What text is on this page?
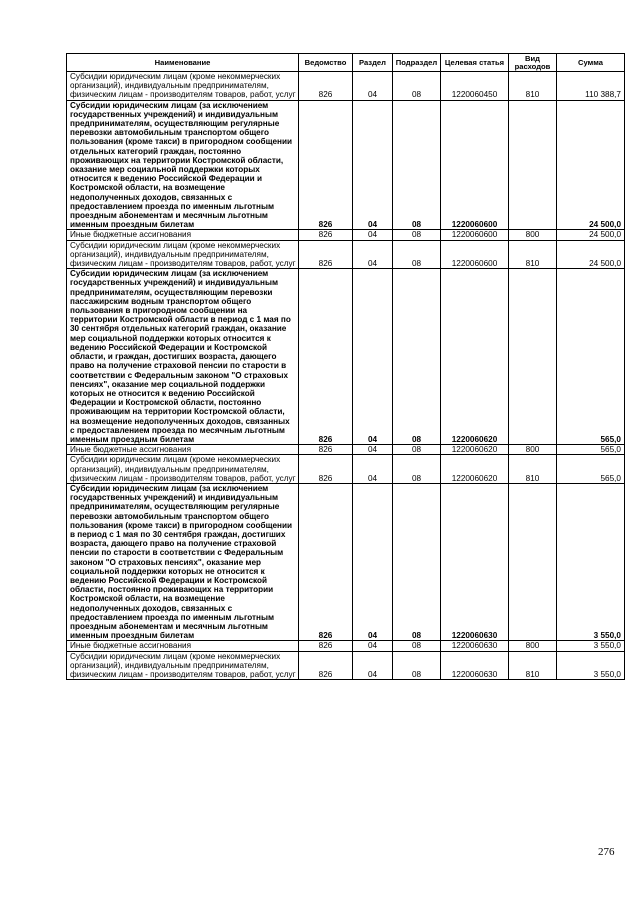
Наименование	Ведомство	Раздел	Подраздел	Целевая статья	Вид расходов	Сумма
Субсидии юридическим лицам (кроме некоммерческих организаций), индивидуальным предпринимателям, физическим лицам - производителям товаров, работ, услуг	826	04	08	1220060450	810	110 388,7
Субсидии юридическим лицам (за исключением государственных учреждений) и индивидуальным предпринимателям, осуществляющим регулярные перевозки автомобильным транспортом общего пользования (кроме такси) в пригородном сообщении отдельных категорий граждан, постоянно проживающих на территории Костромской области, оказание мер социальной поддержки которых относится к ведению Российской Федерации и Костромской области, на возмещение недополученных доходов, связанных с предоставлением проезда по именным льготным проездным абонементам и месячным льготным именным проездным билетам	826	04	08	1220060600		24 500,0
Иные бюджетные ассигнования	826	04	08	1220060600	800	24 500,0
Субсидии юридическим лицам (кроме некоммерческих организаций), индивидуальным предпринимателям, физическим лицам - производителям товаров, работ, услуг	826	04	08	1220060600	810	24 500,0
Субсидии юридическим лицам (за исключением государственных учреждений) и индивидуальным предпринимателям, осуществляющим перевозки пассажирским водным транспортом общего пользования в пригородном сообщении на территории Костромской области в период с 1 мая по 30 сентября отдельных категорий граждан, оказание мер социальной поддержки которых относится к ведению Российской Федерации и Костромской области, и граждан, достигших возраста, дающего право на получение страховой пенсии по старости в соответствии с Федеральным законом "О страховых пенсиях", оказание мер социальной поддержки которых не относится к ведению Российской Федерации и Костромской области, постоянно проживающим на территории Костромской области, на возмещение недополученных доходов, связанных с предоставлением проезда по месячным льготным именным проездным билетам	826	04	08	1220060620		565,0
Иные бюджетные ассигнования	826	04	08	1220060620	800	565,0
Субсидии юридическим лицам (кроме некоммерческих организаций), индивидуальным предпринимателям, физическим лицам - производителям товаров, работ, услуг	826	04	08	1220060620	810	565,0
Субсидии юридическим лицам (за исключением государственных учреждений) и индивидуальным предпринимателям, осуществляющим регулярные перевозки автомобильным транспортом общего пользования (кроме такси) в пригородном сообщении в период с 1 мая по 30 сентября граждан, достигших возраста, дающего право на получение страховой пенсии по старости в соответствии с Федеральным законом "О страховых пенсиях", оказание мер социальной поддержки которых не относится к ведению Российской Федерации и Костромской области, постоянно проживающих на территории Костромской области, на возмещение недополученных доходов, связанных с предоставлением проезда по именным льготным проездным абонементам и месячным льготным именным проездным билетам	826	04	08	1220060630		3 550,0
Иные бюджетные ассигнования	826	04	08	1220060630	800	3 550,0
Субсидии юридическим лицам (кроме некоммерческих организаций), индивидуальным предпринимателям, физическим лицам - производителям товаров, работ, услуг	826	04	08	1220060630	810	3 550,0
276
